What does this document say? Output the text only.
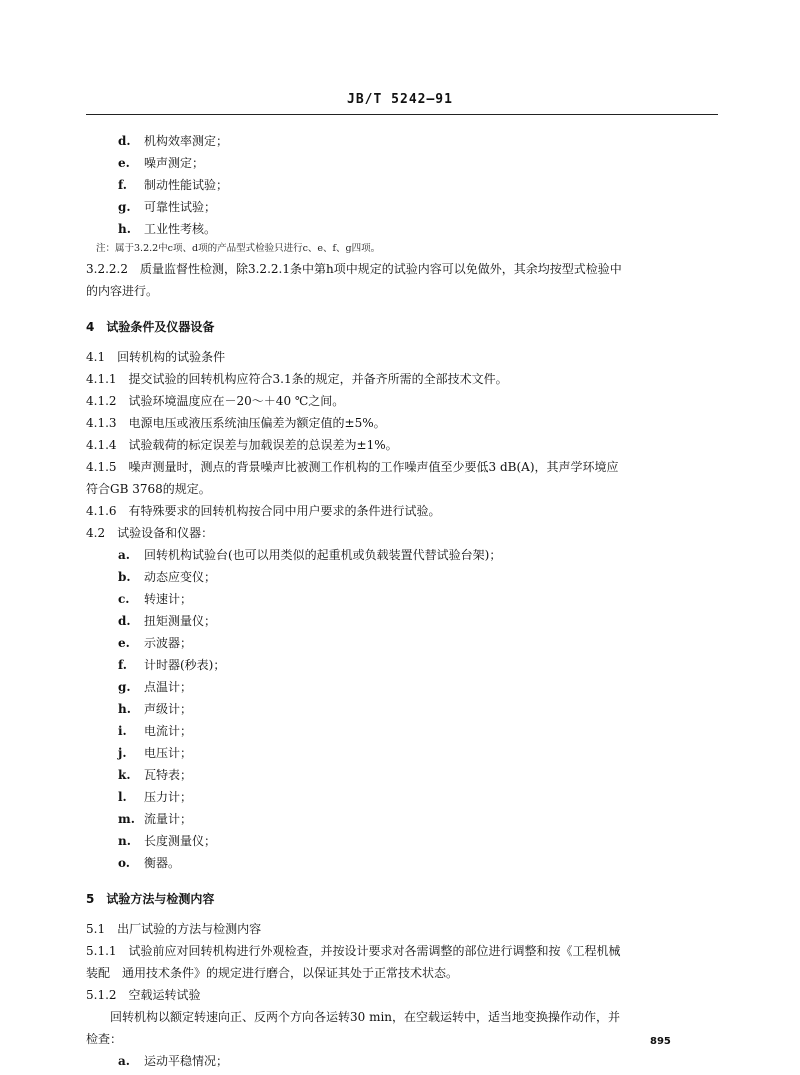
JB/T 5242—91
d. 机构效率测定；
e. 噪声测定；
f. 制动性能试验；
g. 可靠性试验；
h. 工业性考核。
注：属于3.2.2中c项、d项的产品型式检验只进行c、e、f、g四项。
3.2.2.2　质量监督性检测，除3.2.2.1条中第h项中规定的试验内容可以免做外，其余均按型式检验中
的内容进行。
4　试验条件及仪器设备
4.1　回转机构的试验条件
4.1.1　提交试验的回转机构应符合3.1条的规定，并备齐所需的全部技术文件。
4.1.2　试验环境温度应在－20～＋40 ℃之间。
4.1.3　电源电压或液压系统油压偏差为额定值的±5%。
4.1.4　试验载荷的标定误差与加载误差的总误差为±1%。
4.1.5　噪声测量时，测点的背景噪声比被测工作机构的工作噪声值至少要低3 dB(A)，其声学环境应
符合GB 3768的规定。
4.1.6　有特殊要求的回转机构按合同中用户要求的条件进行试验。
4.2　试验设备和仪器：
a. 回转机构试验台(也可以用类似的起重机或负载装置代替试验台架)；
b. 动态应变仪；
c. 转速计；
d. 扭矩测量仪；
e. 示波器；
f. 计时器(秒表)；
g. 点温计；
h. 声级计；
i. 电流计；
j. 电压计；
k. 瓦特表；
l. 压力计；
m. 流量计；
n. 长度测量仪；
o. 衡器。
5　试验方法与检测内容
5.1　出厂试验的方法与检测内容
5.1.1　试验前应对回转机构进行外观检查，并按设计要求对各需调整的部位进行调整和按《工程机械
装配　通用技术条件》的规定进行磨合，以保证其处于正常技术状态。
5.1.2　空载运转试验
回转机构以额定转速向正、反两个方向各运转30 min，在空载运转中，适当地变换操作动作，并
检查：
a. 运动平稳情况；
895
